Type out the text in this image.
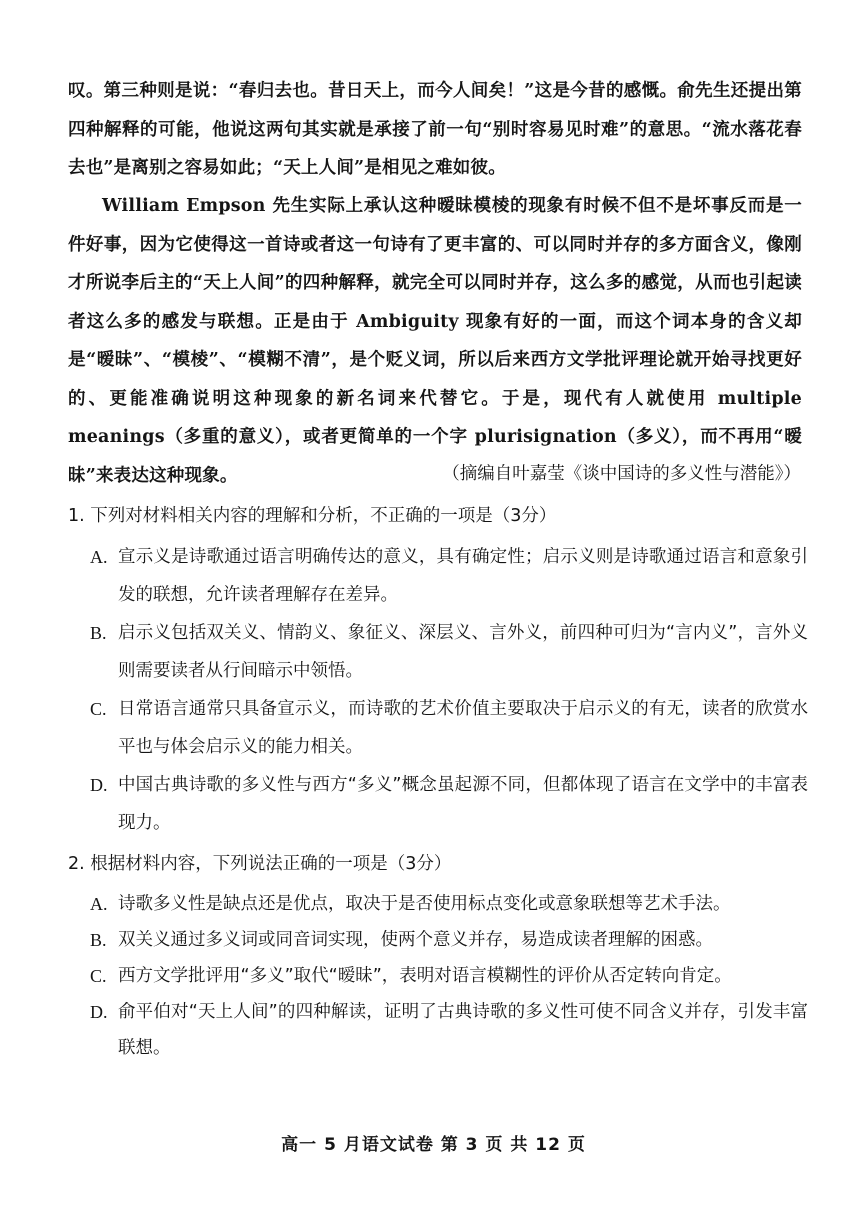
叹。第三种则是说：“春归去也。昔日天上，而今人间矣！”这是今昔的感慨。俞先生还提出第四种解释的可能，他说这两句其实就是承接了前一句“别时容易见时难”的意思。“流水落花春去也”是离别之容易如此；“天上人间”是相见之难如彼。

William Empson 先生实际上承认这种暧昧模棱的现象有时候不但不是坏事反而是一件好事，因为它使得这一首诗或者这一句诗有了更丰富的、可以同时并存的多方面含义，像刚才所说李后主的“天上人间”的四种解释，就完全可以同时并存，这么多的感觉，从而也引起读者这么多的感发与联想。正是由于 Ambiguity 现象有好的一面，而这个词本身的含义却是“暧昧”、“模棱”、“模糊不清”，是个贬义词，所以后来西方文学批评理论就开始寻找更好的、更能准确说明这种现象的新名词来代替它。于是，现代有人就使用 multiple meanings（多重的意义），或者更简单的一个字 plurisignation（多义），而不再用“暧昧”来表达这种现象。	（摘编自叶嘉莹《谈中国诗的多义性与潜能》）
1. 下列对材料相关内容的理解和分析，不正确的一项是（3分）
A. 宣示义是诗歌通过语言明确传达的意义，具有确定性；启示义则是诗歌通过语言和意象引发的联想，允许读者理解存在差异。
B. 启示义包括双关义、情韵义、象征义、深层义、言外义，前四种可归为“言内义”，言外义则需要读者从行间暗示中领悟。
C. 日常语言通常只具备宣示义，而诗歌的艺术价值主要取决于启示义的有无，读者的欣赏水平也与体会启示义的能力相关。
D. 中国古典诗歌的多义性与西方“多义”概念虽起源不同，但都体现了语言在文学中的丰富表现力。
2. 根据材料内容，下列说法正确的一项是（3分）
A. 诗歌多义性是缺点还是优点，取决于是否使用标点变化或意象联想等艺术手法。
B. 双关义通过多义词或同音词实现，使两个意义并存，易造成读者理解的困惑。
C. 西方文学批评用“多义”取代“暧昧”，表明对语言模糊性的评价从否定转向肯定。
D. 俞平伯对“天上人间”的四种解读，证明了古典诗歌的多义性可使不同含义并存，引发丰富联想。
高一 5 月语文试卷 第 3 页 共 12 页
